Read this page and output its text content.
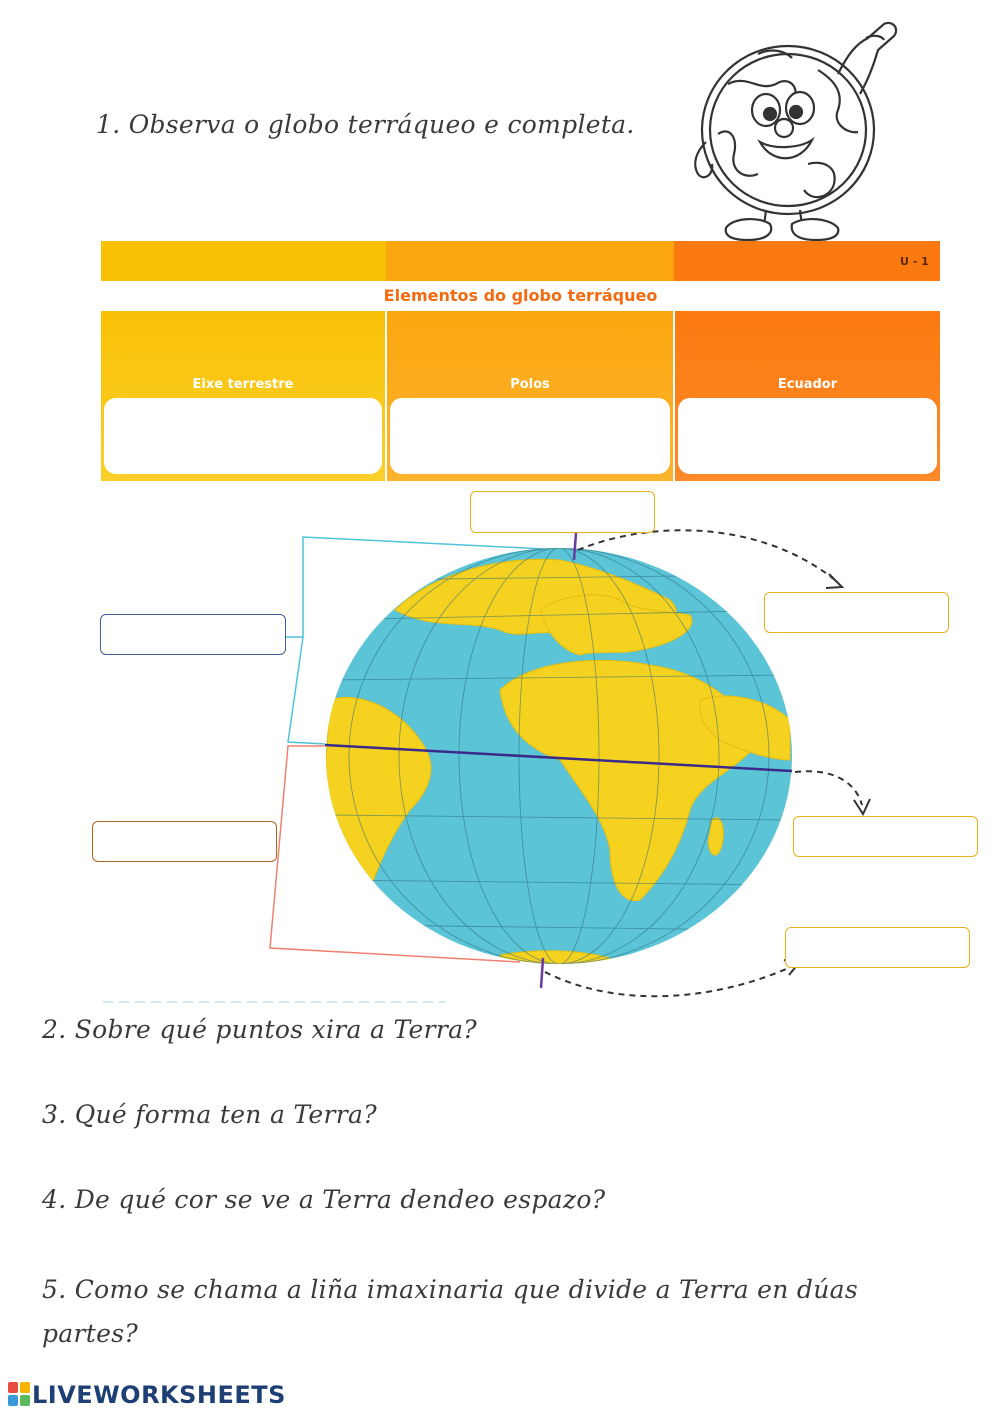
1. Observa o globo terráqueo e completa.
U - 1
Elementos do globo terráqueo
Eixe terrestre	Polos	Ecuador
2. Sobre qué puntos xira a Terra?
3. Qué forma ten a Terra?
4. De qué cor se ve a Terra dendeo espazo?
5. Como se chama a liña imaxinaria que divide a Terra en dúas partes?
LIVEWORKSHEETS
